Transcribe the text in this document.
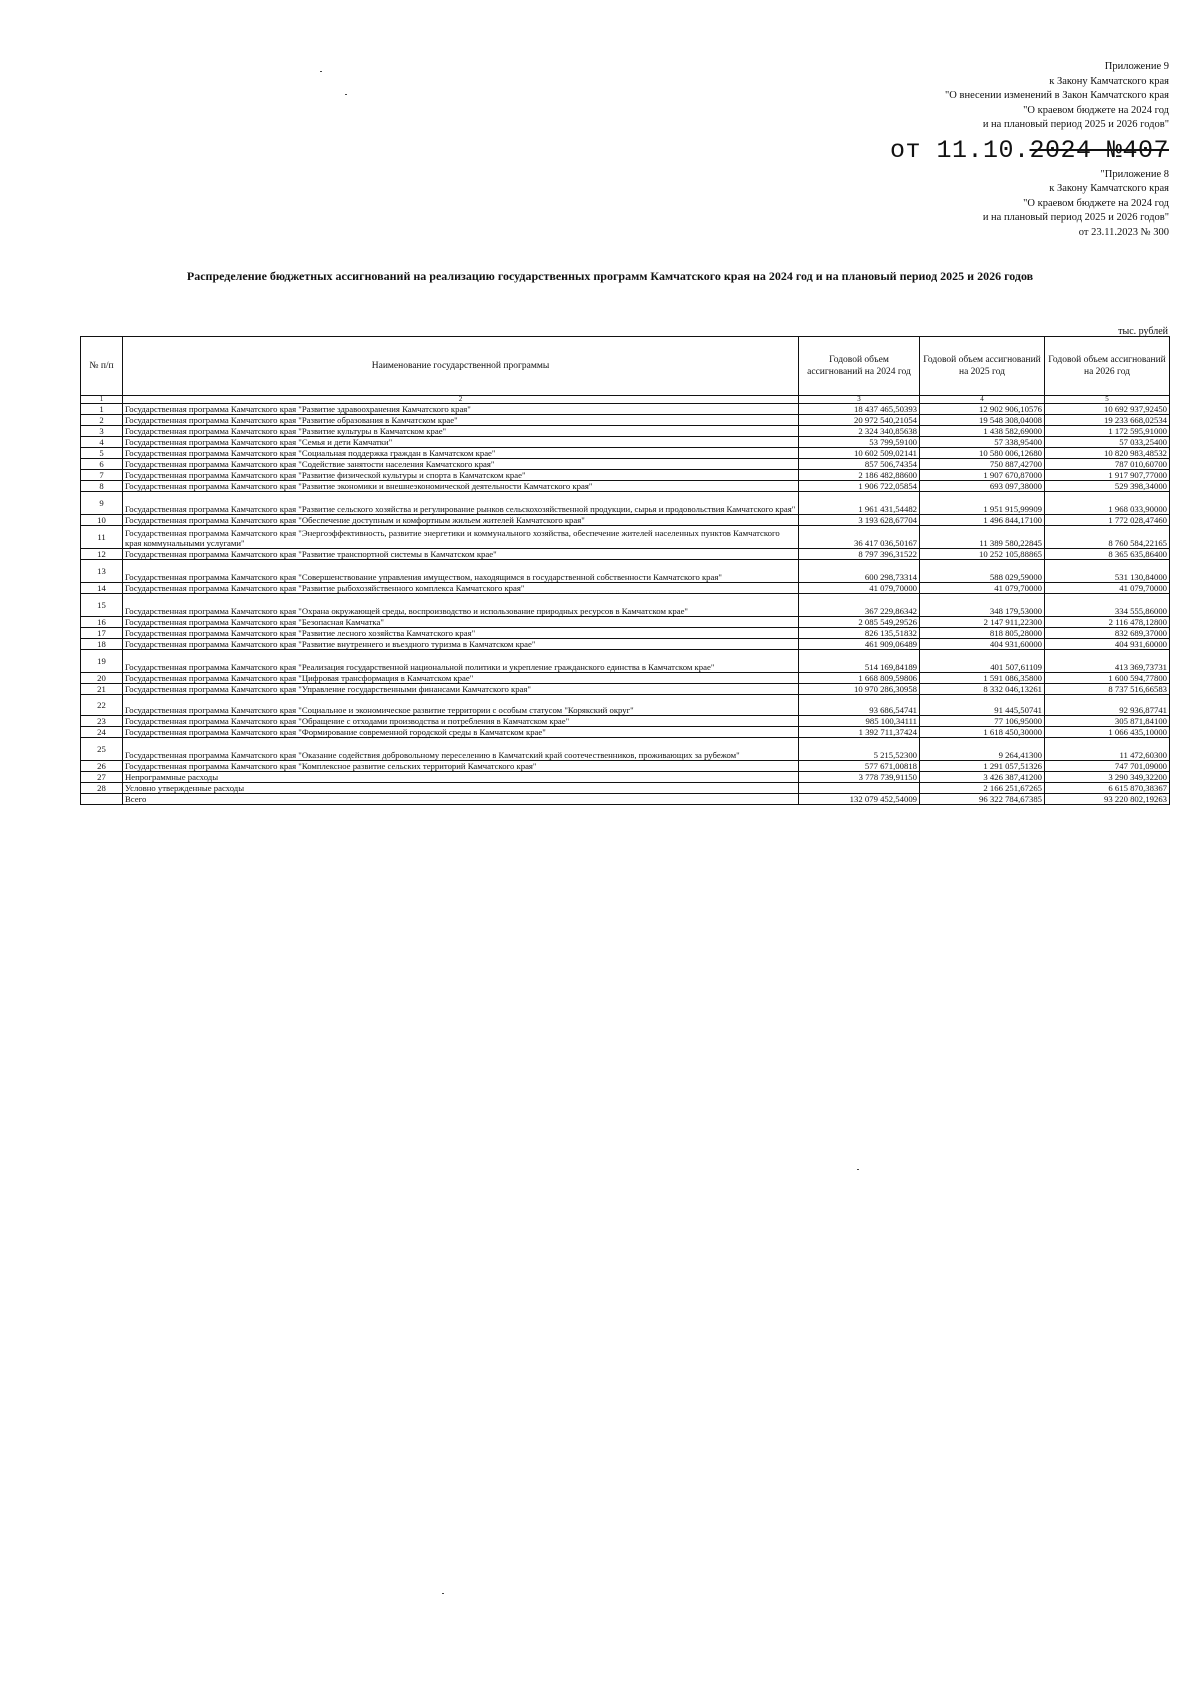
Приложение 9
к Закону Камчатского края
"О внесении изменений в Закон Камчатского края
"О краевом бюджете на 2024 год
и на плановый период 2025 и 2026 годов"
от 11.10.2024 №407
"Приложение 8
к Закону Камчатского края
"О краевом бюджете на 2024 год
и на плановый период 2025 и 2026 годов"
от 23.11.2023 № 300
Распределение бюджетных ассигнований на реализацию государственных программ Камчатского края на 2024 год и на плановый период 2025 и 2026 годов
тыс. рублей
№ п/п	Наименование государственной программы	Годовой объем ассигнований на 2024 год	Годовой объем ассигнований на 2025 год	Годовой объем ассигнований на 2026 год
1	2	3	4	5
1	Государственная программа Камчатского края "Развитие здравоохранения Камчатского края"	18 437 465,50393	12 902 906,10576	10 692 937,92450
2	Государственная программа Камчатского края "Развитие образования в Камчатском крае"	20 972 540,21054	19 548 308,04008	19 233 668,02534
3	Государственная программа Камчатского края "Развитие культуры в Камчатском крае"	2 324 340,85638	1 438 582,69000	1 172 595,91000
4	Государственная программа Камчатского края "Семья и дети Камчатки"	53 799,59100	57 338,95400	57 033,25400
5	Государственная программа Камчатского края "Социальная поддержка граждан в Камчатском крае"	10 602 509,02141	10 580 006,12680	10 820 983,48532
6	Государственная программа Камчатского края "Содействие занятости населения Камчатского края"	857 506,74354	750 887,42700	787 010,60700
7	Государственная программа Камчатского края "Развитие физической культуры и спорта в Камчатском крае"	2 186 482,88600	1 907 670,87000	1 917 907,77000
8	Государственная программа Камчатского края "Развитие экономики и внешнеэкономической деятельности Камчатского края"	1 906 722,05854	693 097,38000	529 398,34000
9	Государственная программа Камчатского края "Развитие сельского хозяйства и регулирование рынков сельскохозяйственной продукции, сырья и продовольствия Камчатского края"	1 961 431,54482	1 951 915,99909	1 968 033,90000
10	Государственная программа Камчатского края "Обеспечение доступным и комфортным жильем жителей Камчатского края"	3 193 628,67704	1 496 844,17100	1 772 028,47460
11	Государственная программа Камчатского края "Энергоэффективность, развитие энергетики и коммунального хозяйства, обеспечение жителей населенных пунктов Камчатского края коммунальными услугами"	36 417 036,50167	11 389 580,22845	8 760 584,22165
12	Государственная программа Камчатского края "Развитие транспортной системы в Камчатском крае"	8 797 396,31522	10 252 105,88865	8 365 635,86400
13	Государственная программа Камчатского края "Совершенствование управления имуществом, находящимся в государственной собственности Камчатского края"	600 298,73314	588 029,59000	531 130,84000
14	Государственная программа Камчатского края "Развитие рыбохозяйственного комплекса Камчатского края"	41 079,70000	41 079,70000	41 079,70000
15	Государственная программа Камчатского края "Охрана окружающей среды, воспроизводство и использование природных ресурсов в Камчатском крае"	367 229,86342	348 179,53000	334 555,86000
16	Государственная программа Камчатского края "Безопасная Камчатка"	2 085 549,29526	2 147 911,22300	2 116 478,12800
17	Государственная программа Камчатского края "Развитие лесного хозяйства Камчатского края"	826 135,51832	818 805,28000	832 689,37000
18	Государственная программа Камчатского края "Развитие внутреннего и въездного туризма в Камчатском крае"	461 909,06489	404 931,60000	404 931,60000
19	Государственная программа Камчатского края "Реализация государственной национальной политики и укрепление гражданского единства в Камчатском крае"	514 169,84189	401 507,61109	413 369,73731
20	Государственная программа Камчатского края "Цифровая трансформация в Камчатском крае"	1 668 809,59806	1 591 086,35800	1 600 594,77800
21	Государственная программа Камчатского края "Управление государственными финансами Камчатского края"	10 970 286,30958	8 332 046,13261	8 737 516,66583
22	Государственная программа Камчатского края "Социальное и экономическое развитие территории с особым статусом "Корякский округ"	93 686,54741	91 445,50741	92 936,87741
23	Государственная программа Камчатского края "Обращение с отходами производства и потребления в Камчатском крае"	985 100,34111	77 106,95000	305 871,84100
24	Государственная программа Камчатского края "Формирование современной городской среды в Камчатском крае"	1 392 711,37424	1 618 450,30000	1 066 435,10000
25	Государственная программа Камчатского края "Оказание содействия добровольному переселению в Камчатский край соотечественников, проживающих за рубежом"	5 215,52300	9 264,41300	11 472,60300
26	Государственная программа Камчатского края "Комплексное развитие сельских территорий Камчатского края"	577 671,00818	1 291 057,51326	747 701,09000
27	Непрограммные расходы	3 778 739,91150	3 426 387,41200	3 290 349,32200
28	Условно утвержденные расходы		2 166 251,67265	6 615 870,38367
	Всего	132 079 452,54009	96 322 784,67385	93 220 802,19263
